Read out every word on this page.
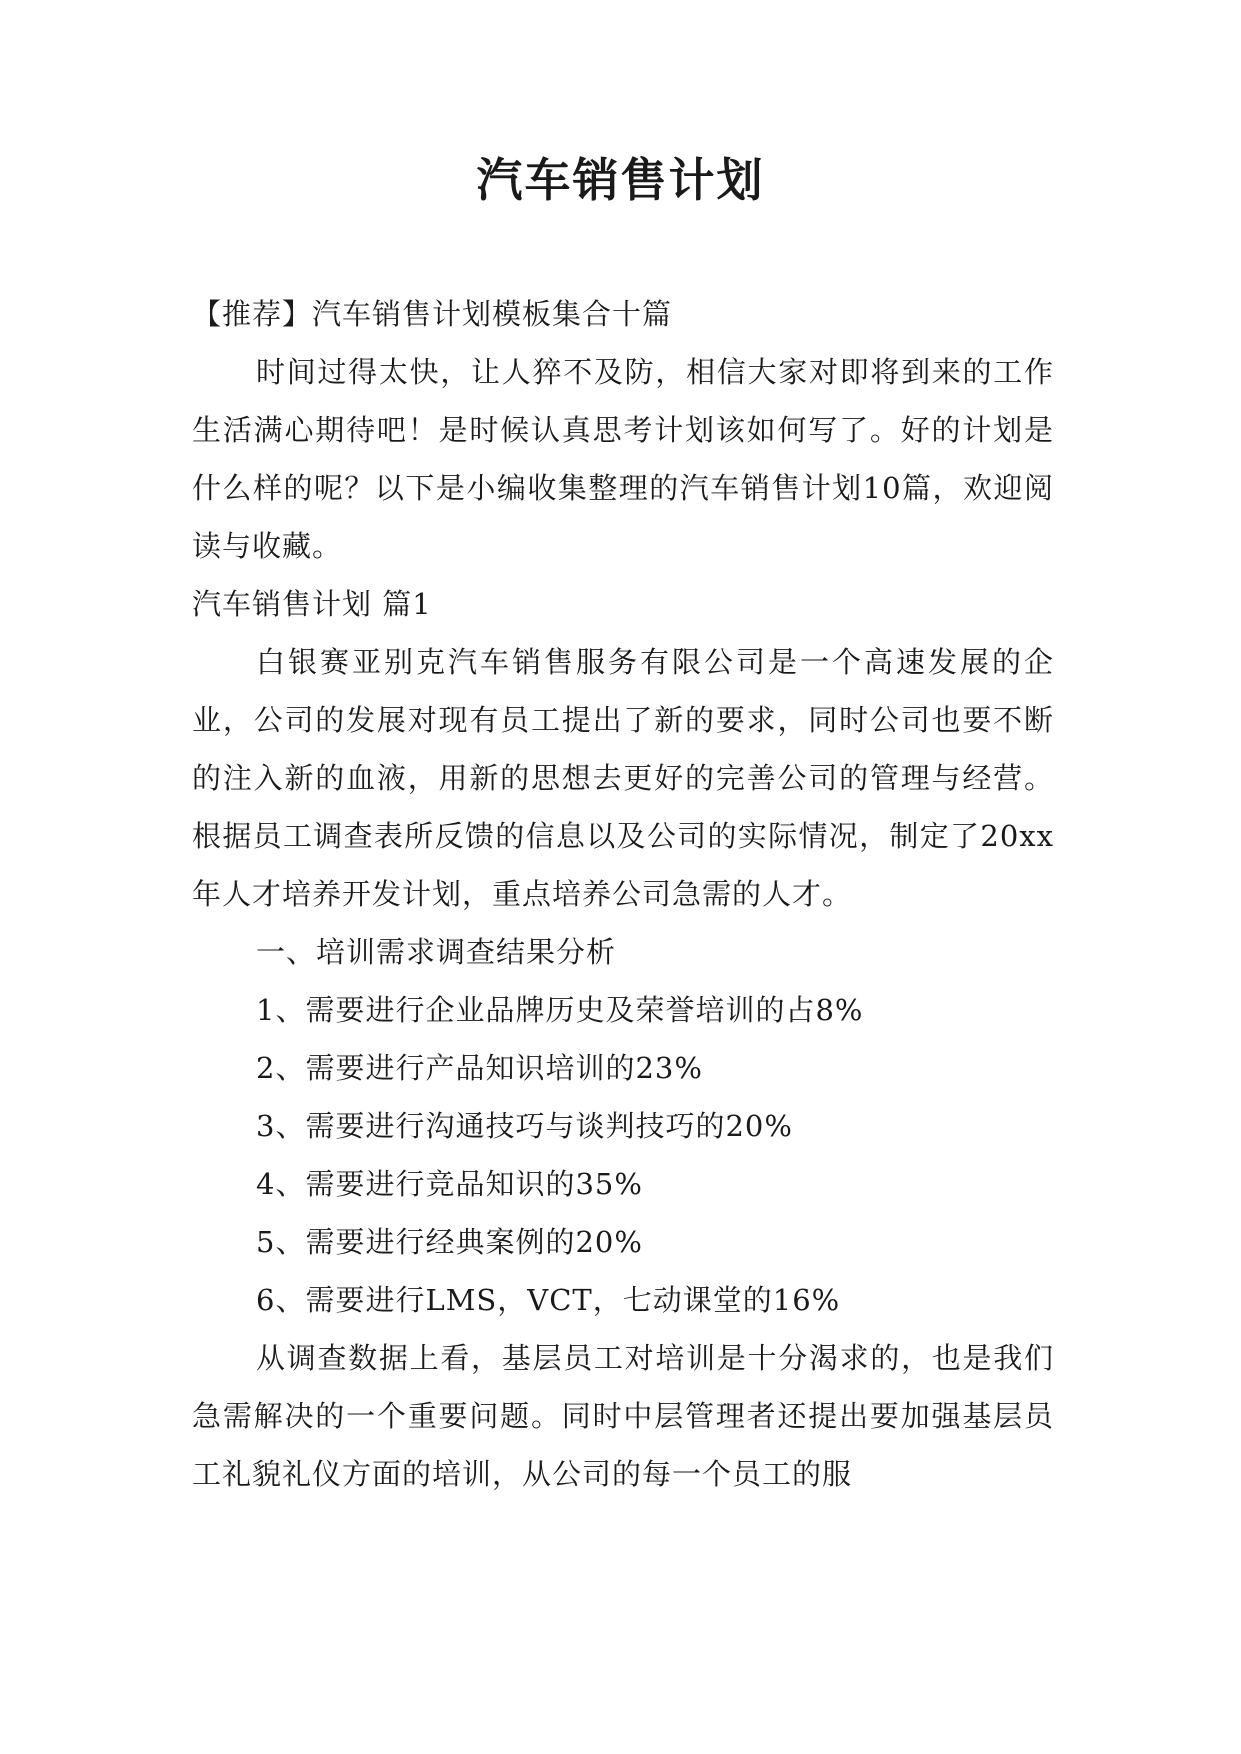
汽车销售计划

【推荐】汽车销售计划模板集合十篇

时间过得太快，让人猝不及防，相信大家对即将到来的工作生活满心期待吧！是时候认真思考计划该如何写了。好的计划是什么样的呢？以下是小编收集整理的汽车销售计划10篇，欢迎阅读与收藏。

汽车销售计划 篇1

白银赛亚别克汽车销售服务有限公司是一个高速发展的企业，公司的发展对现有员工提出了新的要求，同时公司也要不断的注入新的血液，用新的思想去更好的完善公司的管理与经营。根据员工调查表所反馈的信息以及公司的实际情况，制定了20xx年人才培养开发计划，重点培养公司急需的人才。

一、培训需求调查结果分析

1、需要进行企业品牌历史及荣誉培训的占8%

2、需要进行产品知识培训的23%

3、需要进行沟通技巧与谈判技巧的20%

4、需要进行竞品知识的35%

5、需要进行经典案例的20%

6、需要进行LMS，VCT，七动课堂的16%

从调查数据上看，基层员工对培训是十分渴求的，也是我们急需解决的一个重要问题。同时中层管理者还提出要加强基层员工礼貌礼仪方面的培训，从公司的每一个员工的服
